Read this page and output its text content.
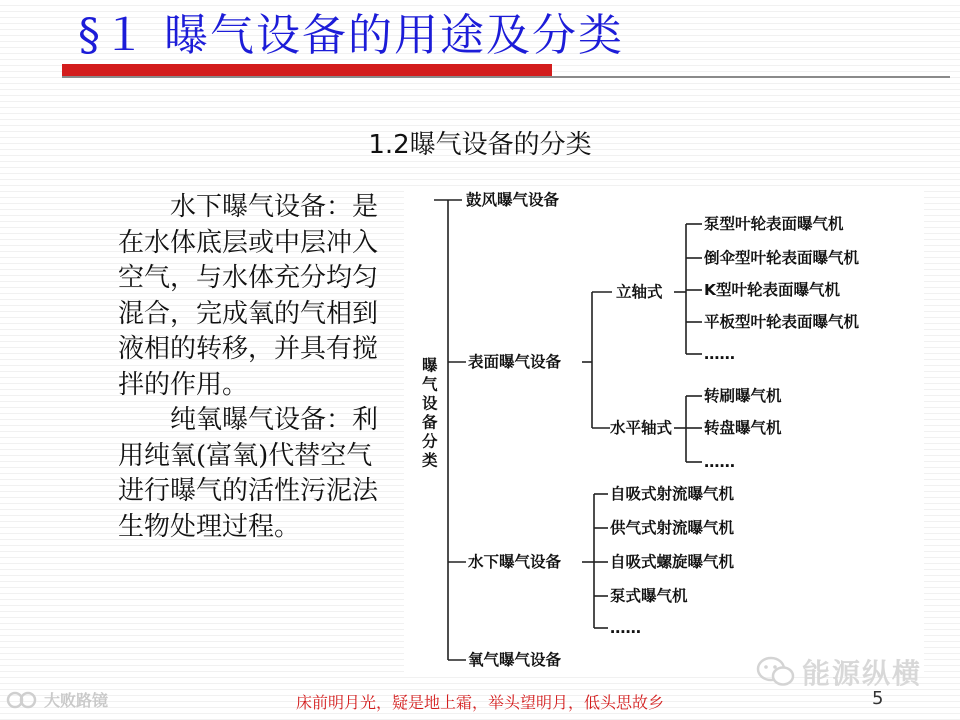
§１ 曝气设备的用途及分类
1.2曝气设备的分类

水下曝气设备：是在水体底层或中层冲入空气，与水体充分均匀混合，完成氧的气相到液相的转移，并具有搅拌的作用。

纯氧曝气设备：利用纯氧(富氧)代替空气进行曝气的活性污泥法生物处理过程。

曝气设备分类
鼓风曝气设备
表面曝气设备
水下曝气设备
氧气曝气设备
立轴式
水平轴式
泵型叶轮表面曝气机
倒伞型叶轮表面曝气机
K型叶轮表面曝气机
平板型叶轮表面曝气机
……
转刷曝气机
转盘曝气机
……
自吸式射流曝气机
供气式射流曝气机
自吸式螺旋曝气机
泵式曝气机
……
大败路镜
能源纵横
床前明月光，疑是地上霜，举头望明月，低头思故乡	5
